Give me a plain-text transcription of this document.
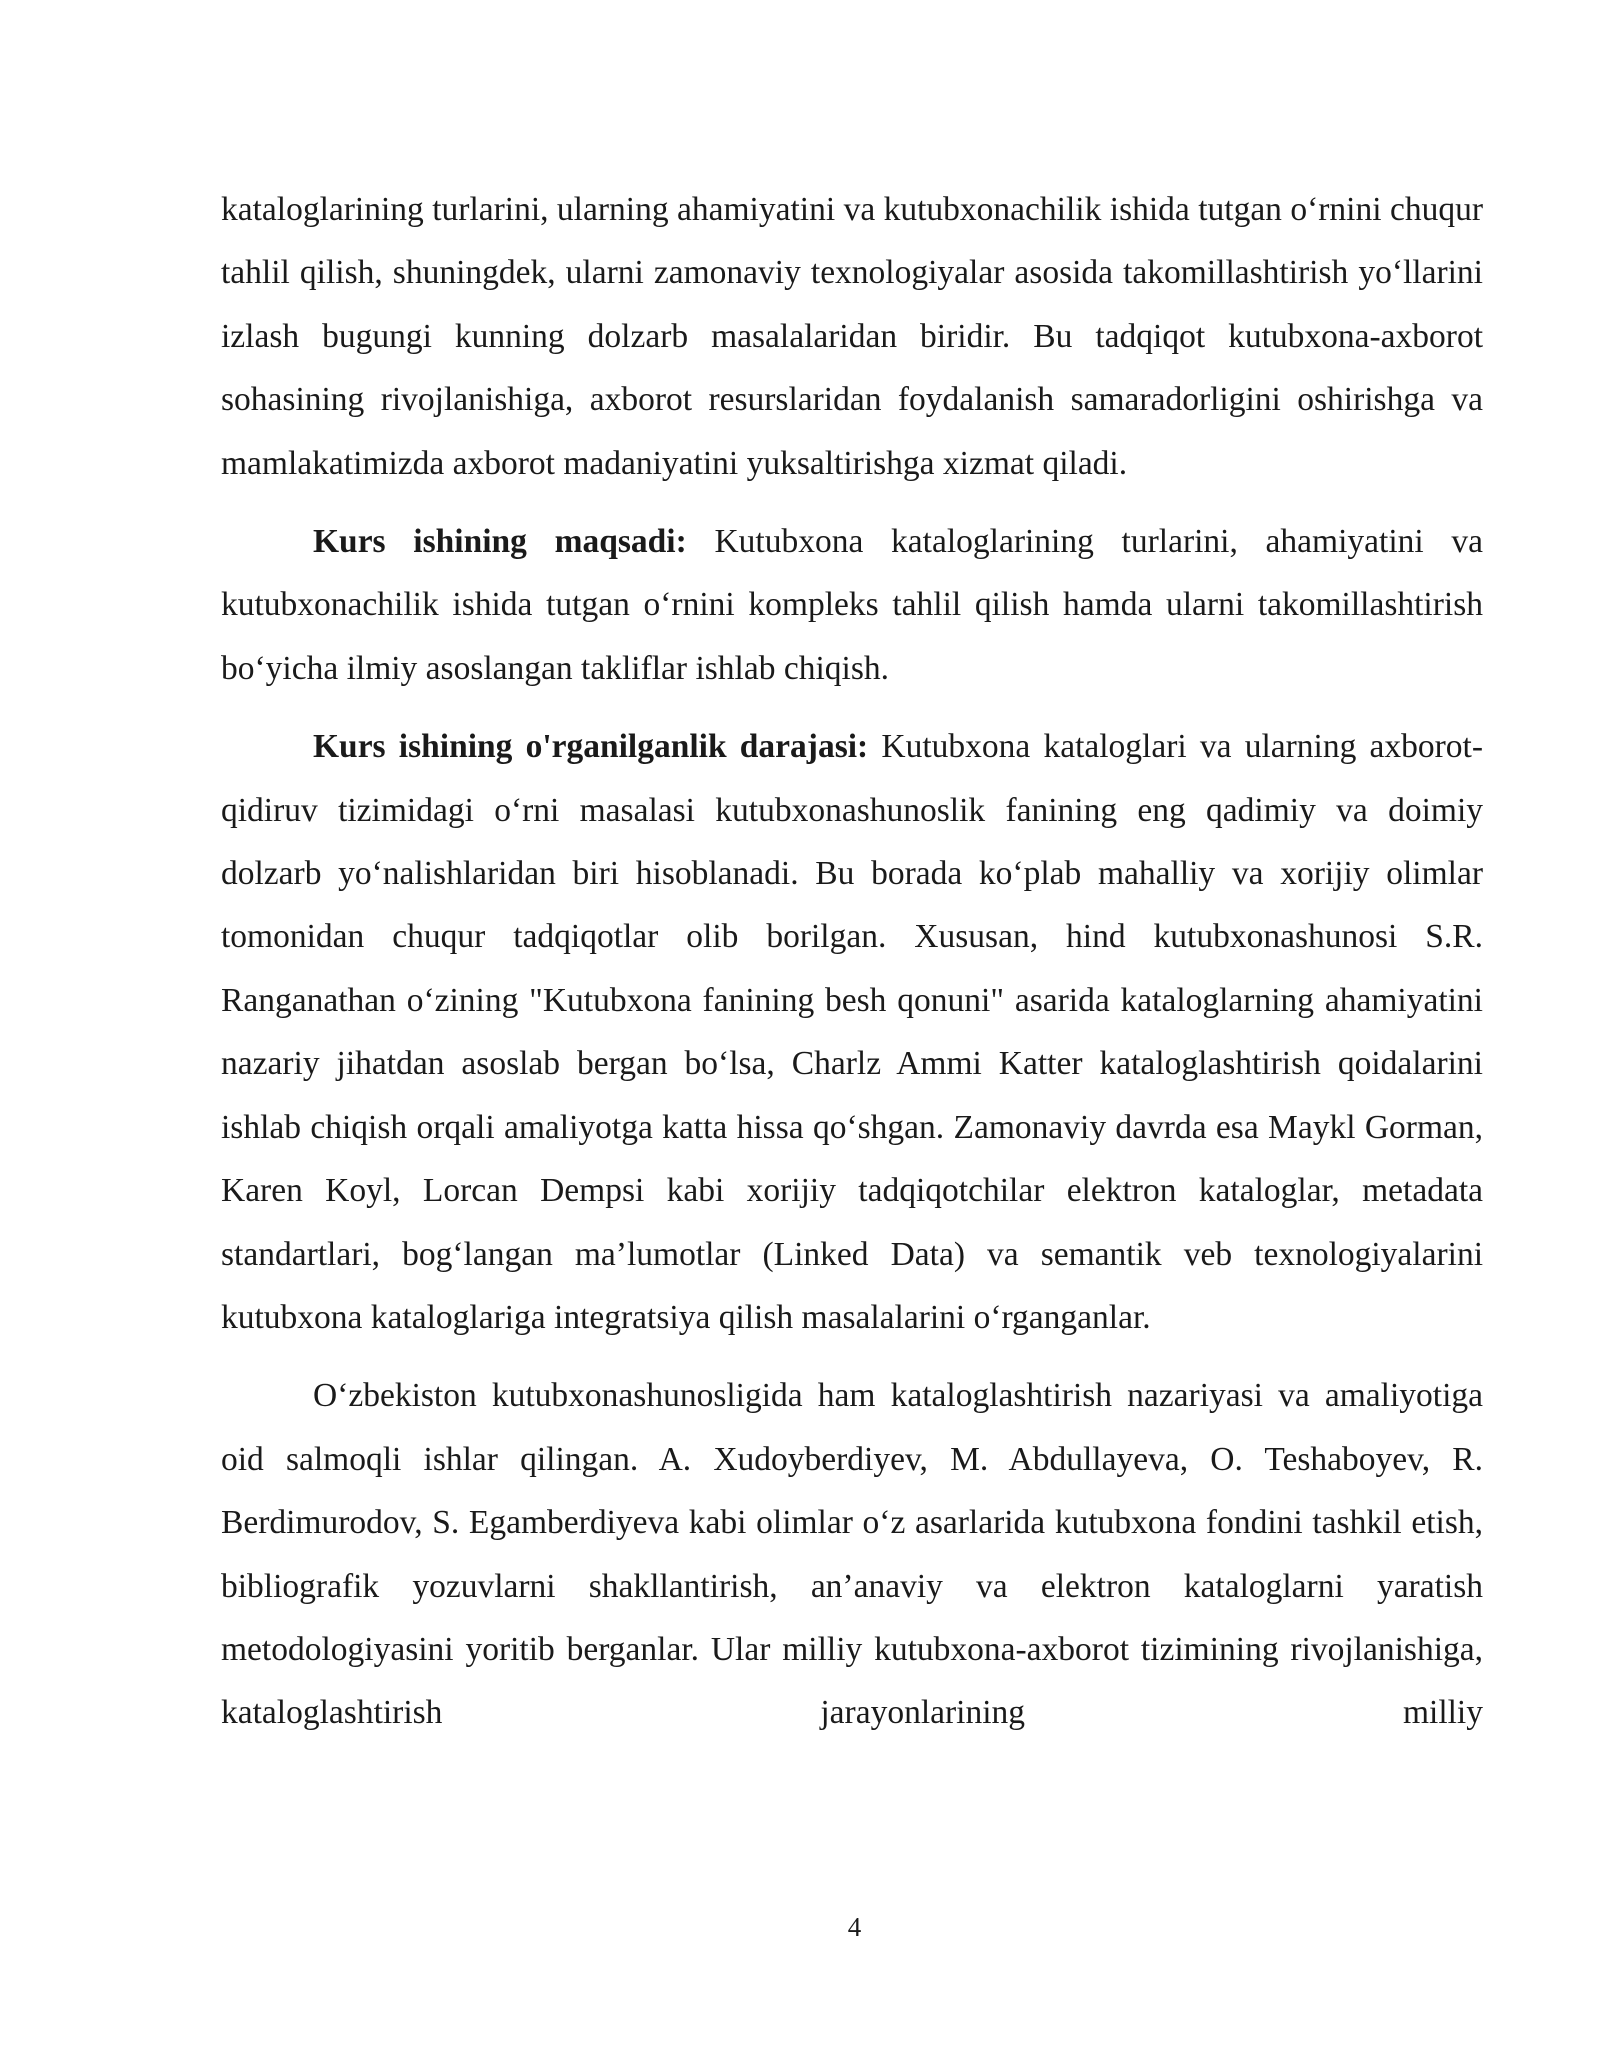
kataloglarining turlarini, ularning ahamiyatini va kutubxonachilik ishida tutgan o‘rnini chuqur tahlil qilish, shuningdek, ularni zamonaviy texnologiyalar asosida takomillashtirish yo‘llarini izlash bugungi kunning dolzarb masalalaridan biridir. Bu tadqiqot kutubxona-axborot sohasining rivojlanishiga, axborot resurslaridan foydalanish samaradorligini oshirishga va mamlakatimizda axborot madaniyatini yuksaltirishga xizmat qiladi.

Kurs ishining maqsadi: Kutubxona kataloglarining turlarini, ahamiyatini va kutubxonachilik ishida tutgan o‘rnini kompleks tahlil qilish hamda ularni takomillashtirish bo‘yicha ilmiy asoslangan takliflar ishlab chiqish.

Kurs ishining o'rganilganlik darajasi: Kutubxona kataloglari va ularning axborot-qidiruv tizimidagi o‘rni masalasi kutubxonashunoslik fanining eng qadimiy va doimiy dolzarb yo‘nalishlaridan biri hisoblanadi. Bu borada ko‘plab mahalliy va xorijiy olimlar tomonidan chuqur tadqiqotlar olib borilgan. Xususan, hind kutubxonashunosi S.R. Ranganathan o‘zining "Kutubxona fanining besh qonuni" asarida kataloglarning ahamiyatini nazariy jihatdan asoslab bergan bo‘lsa, Charlz Ammi Katter kataloglashtirish qoidalarini ishlab chiqish orqali amaliyotga katta hissa qo‘shgan. Zamonaviy davrda esa Maykl Gorman, Karen Koyl, Lorcan Dempsi kabi xorijiy tadqiqotchilar elektron kataloglar, metadata standartlari, bog‘langan ma’lumotlar (Linked Data) va semantik veb texnologiyalarini kutubxona kataloglariga integratsiya qilish masalalarini o‘rganganlar.

O‘zbekiston kutubxonashunosligida ham kataloglashtirish nazariyasi va amaliyotiga oid salmoqli ishlar qilingan. A. Xudoyberdiyev, M. Abdullayeva, O. Teshaboyev, R. Berdimurodov, S. Egamberdiyeva kabi olimlar o‘z asarlarida kutubxona fondini tashkil etish, bibliografik yozuvlarni shakllantirish, an’anaviy va elektron kataloglarni yaratish metodologiyasini yoritib berganlar. Ular milliy kutubxona-axborot tizimining rivojlanishiga, kataloglashtirish jarayonlarining milliy

4
